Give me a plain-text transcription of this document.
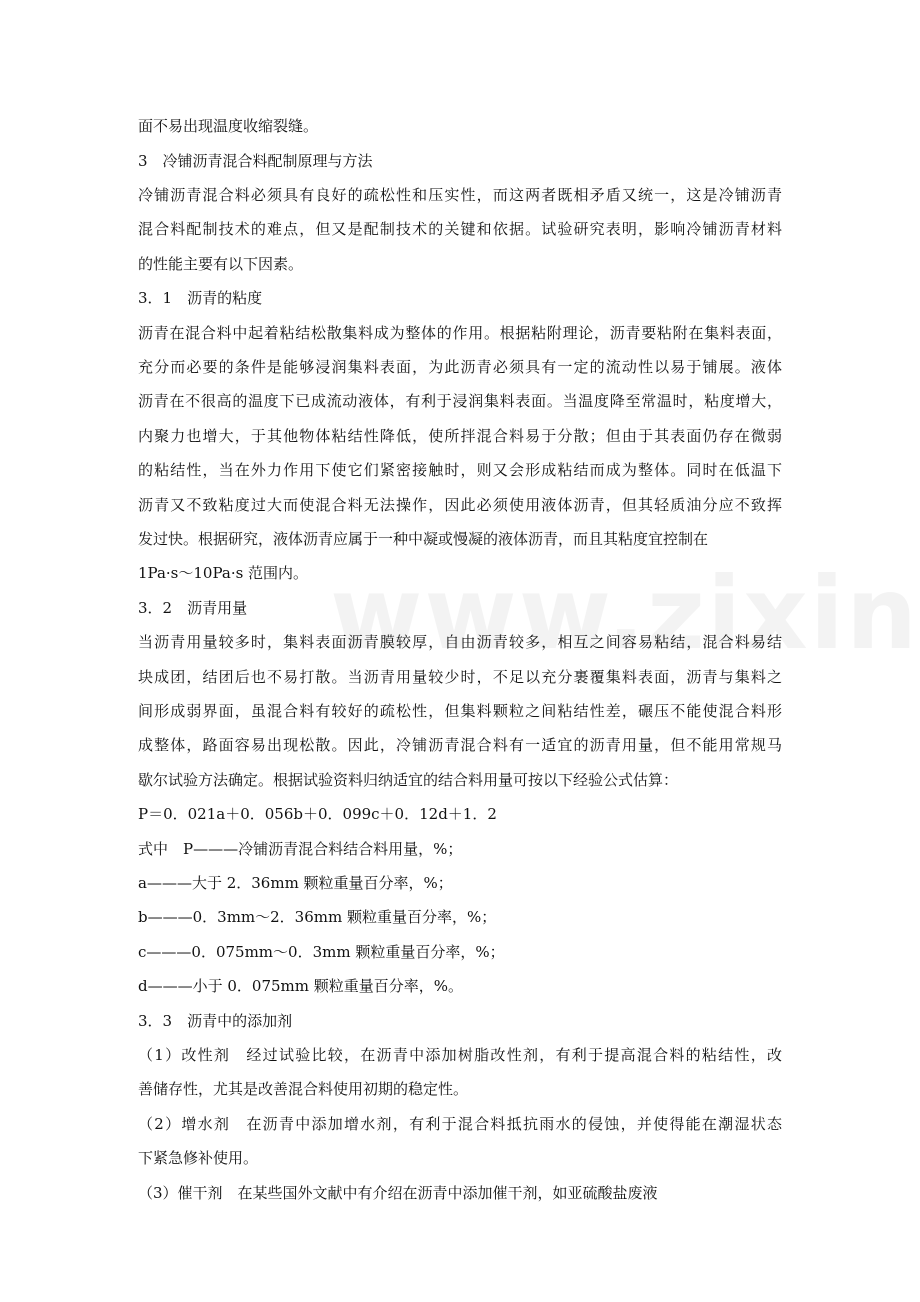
面不易出现温度收缩裂缝。
3　冷铺沥青混合料配制原理与方法
冷铺沥青混合料必须具有良好的疏松性和压实性，而这两者既相矛盾又统一，这是冷铺沥青
混合料配制技术的难点，但又是配制技术的关键和依据。试验研究表明，影响冷铺沥青材料
的性能主要有以下因素。
3．1　沥青的粘度
沥青在混合料中起着粘结松散集料成为整体的作用。根据粘附理论，沥青要粘附在集料表面，
充分而必要的条件是能够浸润集料表面，为此沥青必须具有一定的流动性以易于铺展。液体
沥青在不很高的温度下已成流动液体，有利于浸润集料表面。当温度降至常温时，粘度增大，
内聚力也增大，于其他物体粘结性降低，使所拌混合料易于分散；但由于其表面仍存在微弱
的粘结性，当在外力作用下使它们紧密接触时，则又会形成粘结而成为整体。同时在低温下
沥青又不致粘度过大而使混合料无法操作，因此必须使用液体沥青，但其轻质油分应不致挥
发过快。根据研究，液体沥青应属于一种中凝或慢凝的液体沥青，而且其粘度宜控制在
1Pa·s～10Pa·s 范围内。
3．2　沥青用量
当沥青用量较多时，集料表面沥青膜较厚，自由沥青较多，相互之间容易粘结，混合料易结
块成团，结团后也不易打散。当沥青用量较少时，不足以充分裹覆集料表面，沥青与集料之
间形成弱界面，虽混合料有较好的疏松性，但集料颗粒之间粘结性差，碾压不能使混合料形
成整体，路面容易出现松散。因此，冷铺沥青混合料有一适宜的沥青用量，但不能用常规马
歇尔试验方法确定。根据试验资料归纳适宜的结合料用量可按以下经验公式估算：
P＝0．021a＋0．056b＋0．099c＋0．12d＋1．2
式中　P———冷铺沥青混合料结合料用量，%；
a———大于 2．36mm 颗粒重量百分率，%；
b———0．3mm～2．36mm 颗粒重量百分率，%；
c———0．075mm～0．3mm 颗粒重量百分率，%；
d———小于 0．075mm 颗粒重量百分率，%。
3．3　沥青中的添加剂
（1）改性剂　经过试验比较，在沥青中添加树脂改性剂，有利于提高混合料的粘结性，改
善储存性，尤其是改善混合料使用初期的稳定性。
（2）增水剂　在沥青中添加增水剂，有利于混合料抵抗雨水的侵蚀，并使得能在潮湿状态
下紧急修补使用。
（3）催干剂　在某些国外文献中有介绍在沥青中添加催干剂，如亚硫酸盐废液
